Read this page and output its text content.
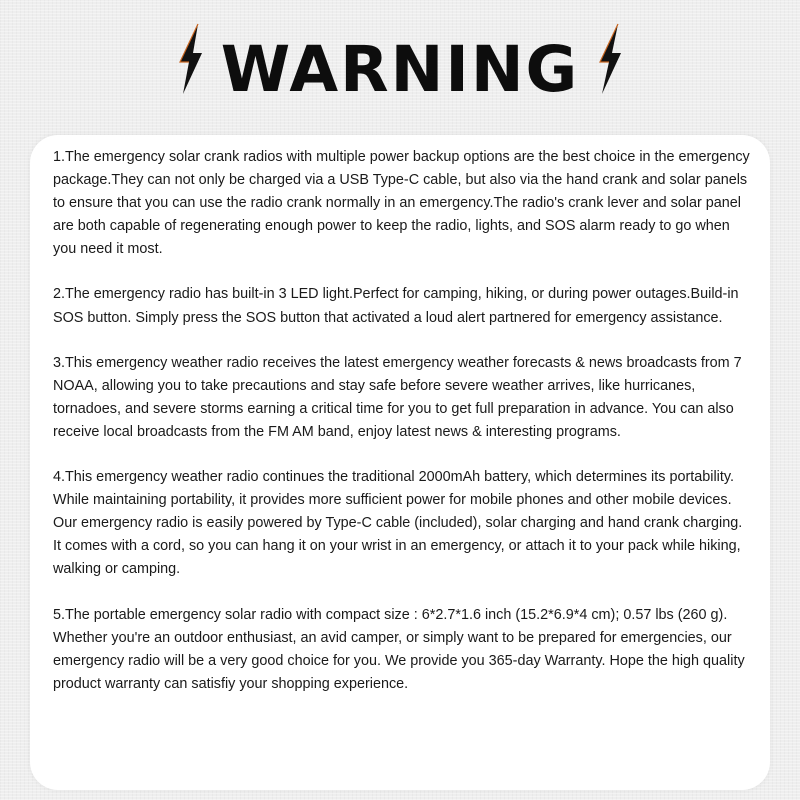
WARNING

1.The emergency solar crank radios with multiple power backup options are the best choice in the emergency package.They can not only be charged via a USB Type-C cable, but also via the hand crank and solar panels to ensure that you can use the radio crank normally in an emergency.The radio's crank lever and solar panel are both capable of regenerating enough power to keep the radio, lights, and SOS alarm ready to go when you need it most.

2.The emergency radio has built-in 3 LED light.Perfect for camping, hiking, or during power outages.Build-in SOS button. Simply press the SOS button that activated a loud alert partnered for emergency assistance.

3.This emergency weather radio receives the latest emergency weather forecasts & news broadcasts from 7 NOAA, allowing you to take precautions and stay safe before severe weather arrives, like hurricanes, tornadoes, and severe storms earning a critical time for you to get full preparation in advance. You can also receive local broadcasts from the FM AM band, enjoy latest news & interesting programs.

4.This emergency weather radio continues the traditional 2000mAh battery, which determines its portability. While maintaining portability, it provides more sufficient power for mobile phones and other mobile devices. Our emergency radio is easily powered by Type-C cable (included), solar charging and hand crank charging. It comes with a cord, so you can hang it on your wrist in an emergency, or attach it to your pack while hiking, walking or camping.

5.The portable emergency solar radio with compact size : 6*2.7*1.6 inch (15.2*6.9*4 cm); 0.57 lbs (260 g). Whether you're an outdoor enthusiast, an avid camper, or simply want to be prepared for emergencies, our emergency radio will be a very good choice for you. We provide you 365-day Warranty. Hope the high quality product warranty can satisfiy your shopping experience.
